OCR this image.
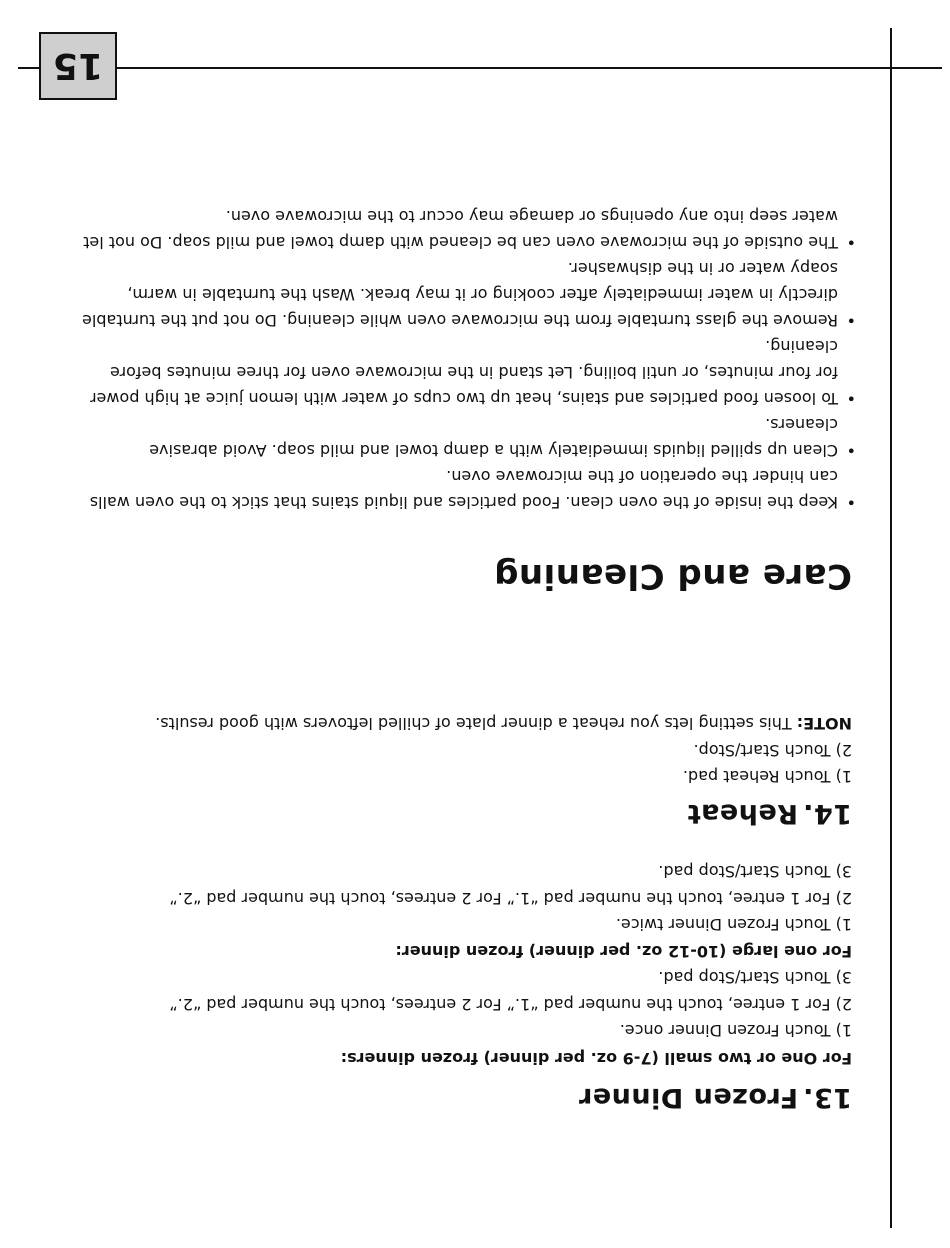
15
13.Frozen Dinner
For One or two small (7-9 oz. per dinner) frozen dinners:
1) Touch Frozen Dinner once.
2) For 1 entree, touch the number pad “1.” For 2 entrees, touch the number pad “2.”
3) Touch Start/Stop pad.
For one large (10-12 oz. per dinner) frozen dinner:
1) Touch Frozen Dinner twice.
2) For 1 entree, touch the number pad “1.” For 2 entrees, touch the number pad “2.”
3) Touch Start/Stop pad.
14.Reheat
1) Touch Reheat pad.
2) Touch Start/Stop.
NOTE: This setting lets you reheat a dinner plate of chilled leftovers with good results.
Care and Cleaning
• Keep the inside of the oven clean. Food particles and liquid stains that stick to the oven walls can hinder the operation of the microwave oven.
• Clean up spilled liquids immediately with a damp towel and mild soap. Avoid abrasive cleaners.
• To loosen food particles and stains, heat up two cups of water with lemon juice at high power for four minutes, or until boiling. Let stand in the microwave oven for three minutes before cleaning.
• Remove the glass turntable from the microwave oven while cleaning. Do not put the turntable directly in water immediately after cooking or it may break. Wash the turntable in warm, soapy water or in the dishwasher.
• The outside of the microwave oven can be cleaned with damp towel and mild soap. Do not let water seep into any openings or damage may occur to the microwave oven.
